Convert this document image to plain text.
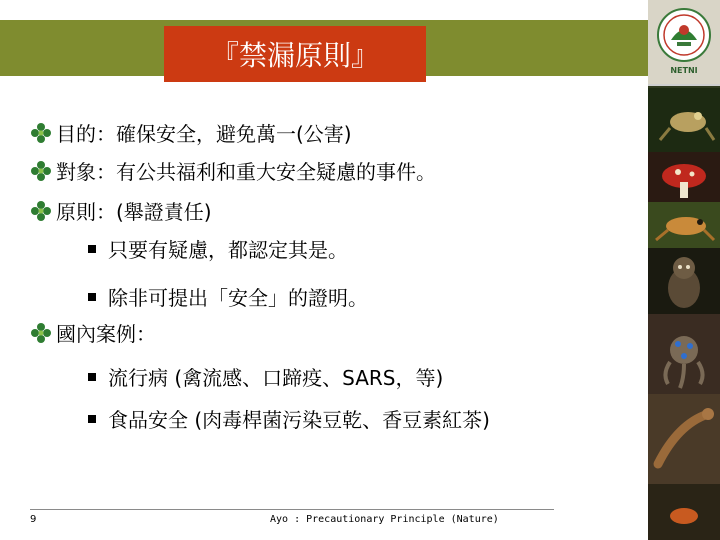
『禁漏原則』	NETNI
目的：確保安全，避免萬一(公害)
對象：有公共福利和重大安全疑慮的事件。
原則：(舉證責任)
只要有疑慮，都認定其是。
除非可提出「安全」的證明。
國內案例：
流行病 (禽流感、口蹄疫、SARS，等)
食品安全 (肉毒桿菌污染豆乾、香豆素紅茶)
9	Ayo : Precautionary Principle (Nature)
